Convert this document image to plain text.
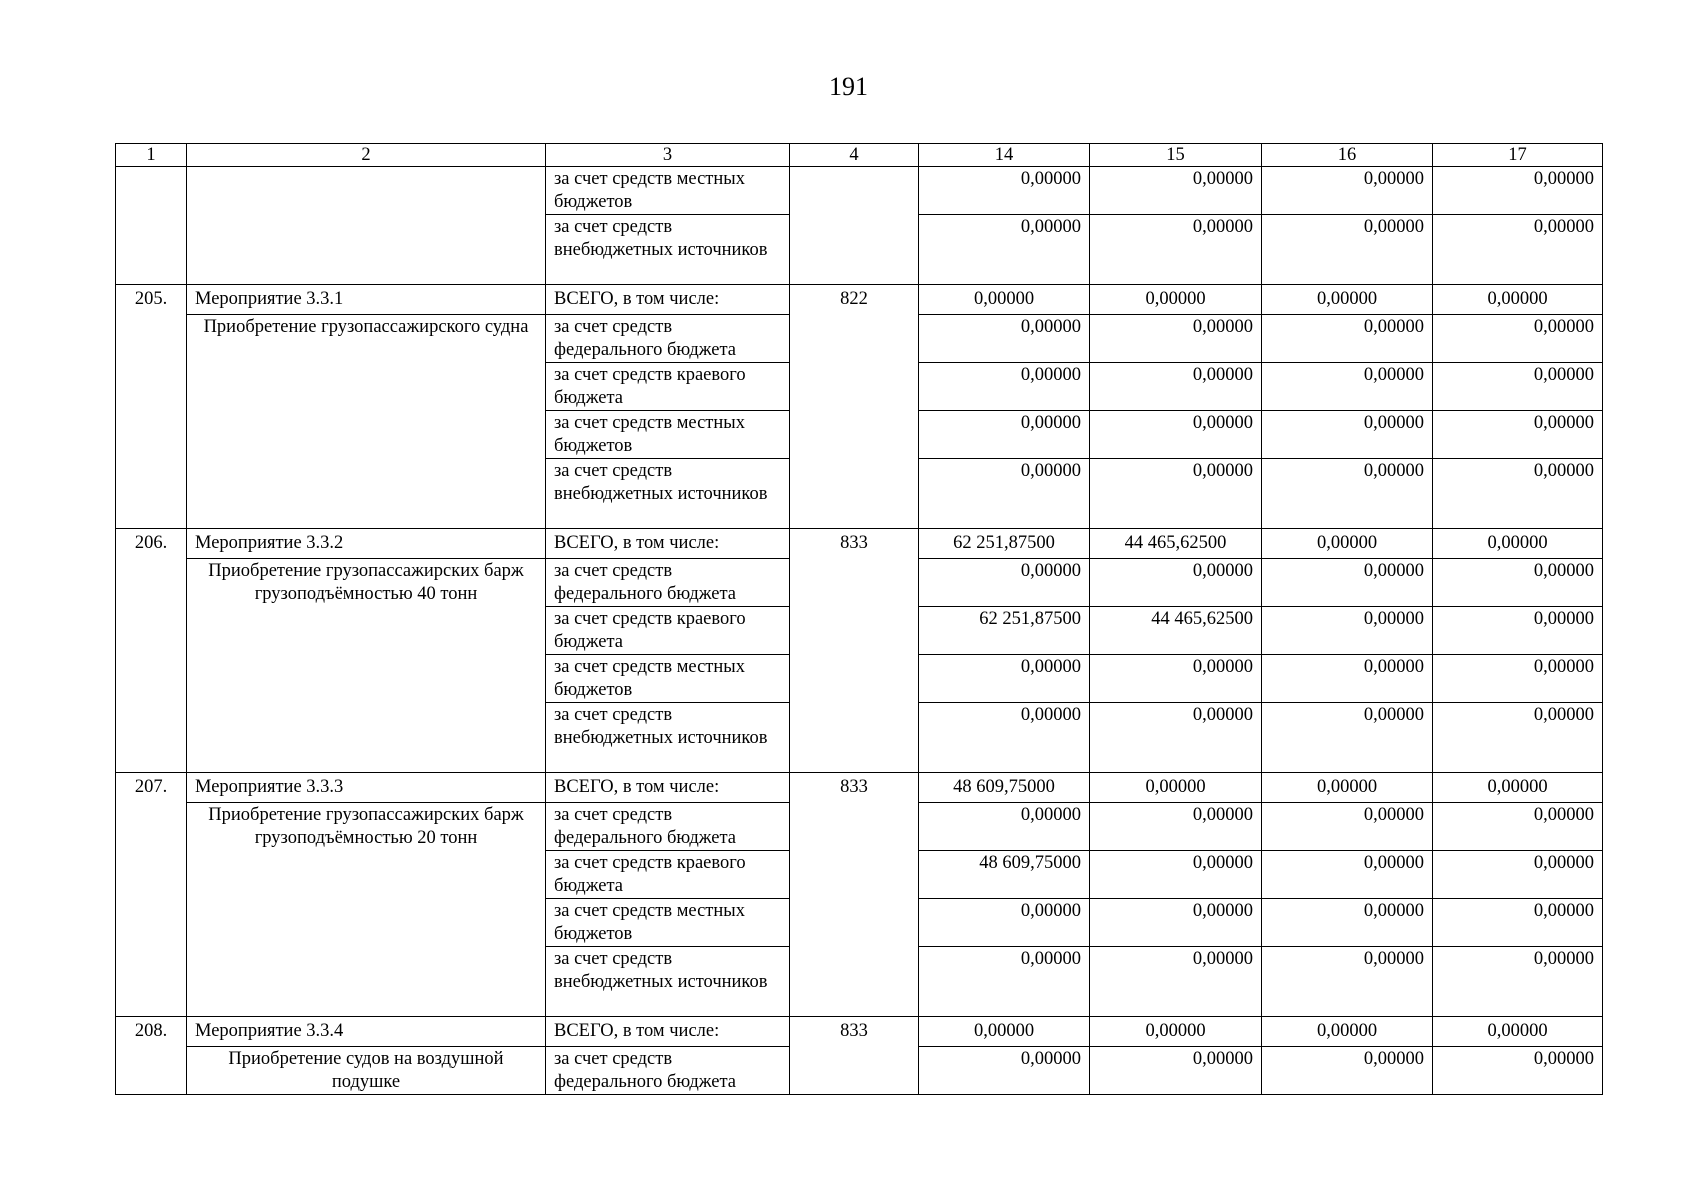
191
1	2	3	4	14	15	16	17
		за счет средств местных бюджетов		0,00000	0,00000	0,00000	0,00000
		за счет средств внебюджетных источников		0,00000	0,00000	0,00000	0,00000
205.	Мероприятие 3.3.1	ВСЕГО, в том числе:	822	0,00000	0,00000	0,00000	0,00000
	Приобретение грузопассажирского судна	за счет средств федерального бюджета		0,00000	0,00000	0,00000	0,00000
		за счет средств краевого бюджета		0,00000	0,00000	0,00000	0,00000
		за счет средств местных бюджетов		0,00000	0,00000	0,00000	0,00000
		за счет средств внебюджетных источников		0,00000	0,00000	0,00000	0,00000
206.	Мероприятие 3.3.2	ВСЕГО, в том числе:	833	62 251,87500	44 465,62500	0,00000	0,00000
	Приобретение грузопассажирских барж грузоподъёмностью 40 тонн	за счет средств федерального бюджета		0,00000	0,00000	0,00000	0,00000
		за счет средств краевого бюджета		62 251,87500	44 465,62500	0,00000	0,00000
		за счет средств местных бюджетов		0,00000	0,00000	0,00000	0,00000
		за счет средств внебюджетных источников		0,00000	0,00000	0,00000	0,00000
207.	Мероприятие 3.3.3	ВСЕГО, в том числе:	833	48 609,75000	0,00000	0,00000	0,00000
	Приобретение грузопассажирских барж грузоподъёмностью 20 тонн	за счет средств федерального бюджета		0,00000	0,00000	0,00000	0,00000
		за счет средств краевого бюджета		48 609,75000	0,00000	0,00000	0,00000
		за счет средств местных бюджетов		0,00000	0,00000	0,00000	0,00000
		за счет средств внебюджетных источников		0,00000	0,00000	0,00000	0,00000
208.	Мероприятие 3.3.4	ВСЕГО, в том числе:	833	0,00000	0,00000	0,00000	0,00000
	Приобретение судов на воздушной подушке	за счет средств федерального бюджета		0,00000	0,00000	0,00000	0,00000
